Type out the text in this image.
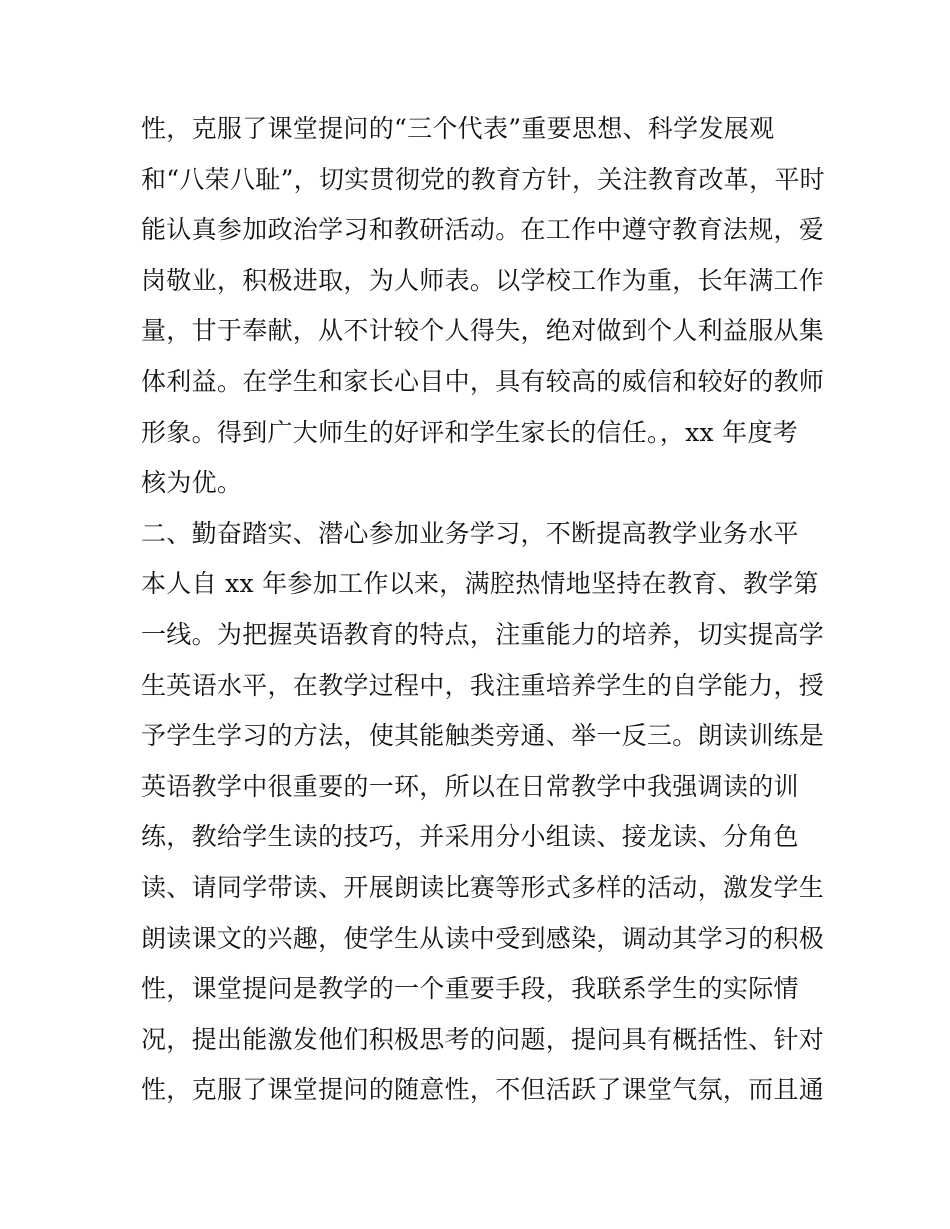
性，克服了课堂提问的“三个代表”重要思想、科学发展观
和“八荣八耻”，切实贯彻党的教育方针，关注教育改革，平时
能认真参加政治学习和教研活动。在工作中遵守教育法规，爱
岗敬业，积极进取，为人师表。以学校工作为重，长年满工作
量，甘于奉献，从不计较个人得失，绝对做到个人利益服从集
体利益。在学生和家长心目中，具有较高的威信和较好的教师
形象。得到广大师生的好评和学生家长的信任。，xx 年度考
核为优。
二、勤奋踏实、潜心参加业务学习，不断提高教学业务水平
本人自 xx 年参加工作以来，满腔热情地坚持在教育、教学第
一线。为把握英语教育的特点，注重能力的培养，切实提高学
生英语水平，在教学过程中，我注重培养学生的自学能力，授
予学生学习的方法，使其能触类旁通、举一反三。朗读训练是
英语教学中很重要的一环，所以在日常教学中我强调读的训
练，教给学生读的技巧，并采用分小组读、接龙读、分角色
读、请同学带读、开展朗读比赛等形式多样的活动，激发学生
朗读课文的兴趣，使学生从读中受到感染，调动其学习的积极
性，课堂提问是教学的一个重要手段，我联系学生的实际情
况，提出能激发他们积极思考的问题，提问具有概括性、针对
性，克服了课堂提问的随意性，不但活跃了课堂气氛，而且通
